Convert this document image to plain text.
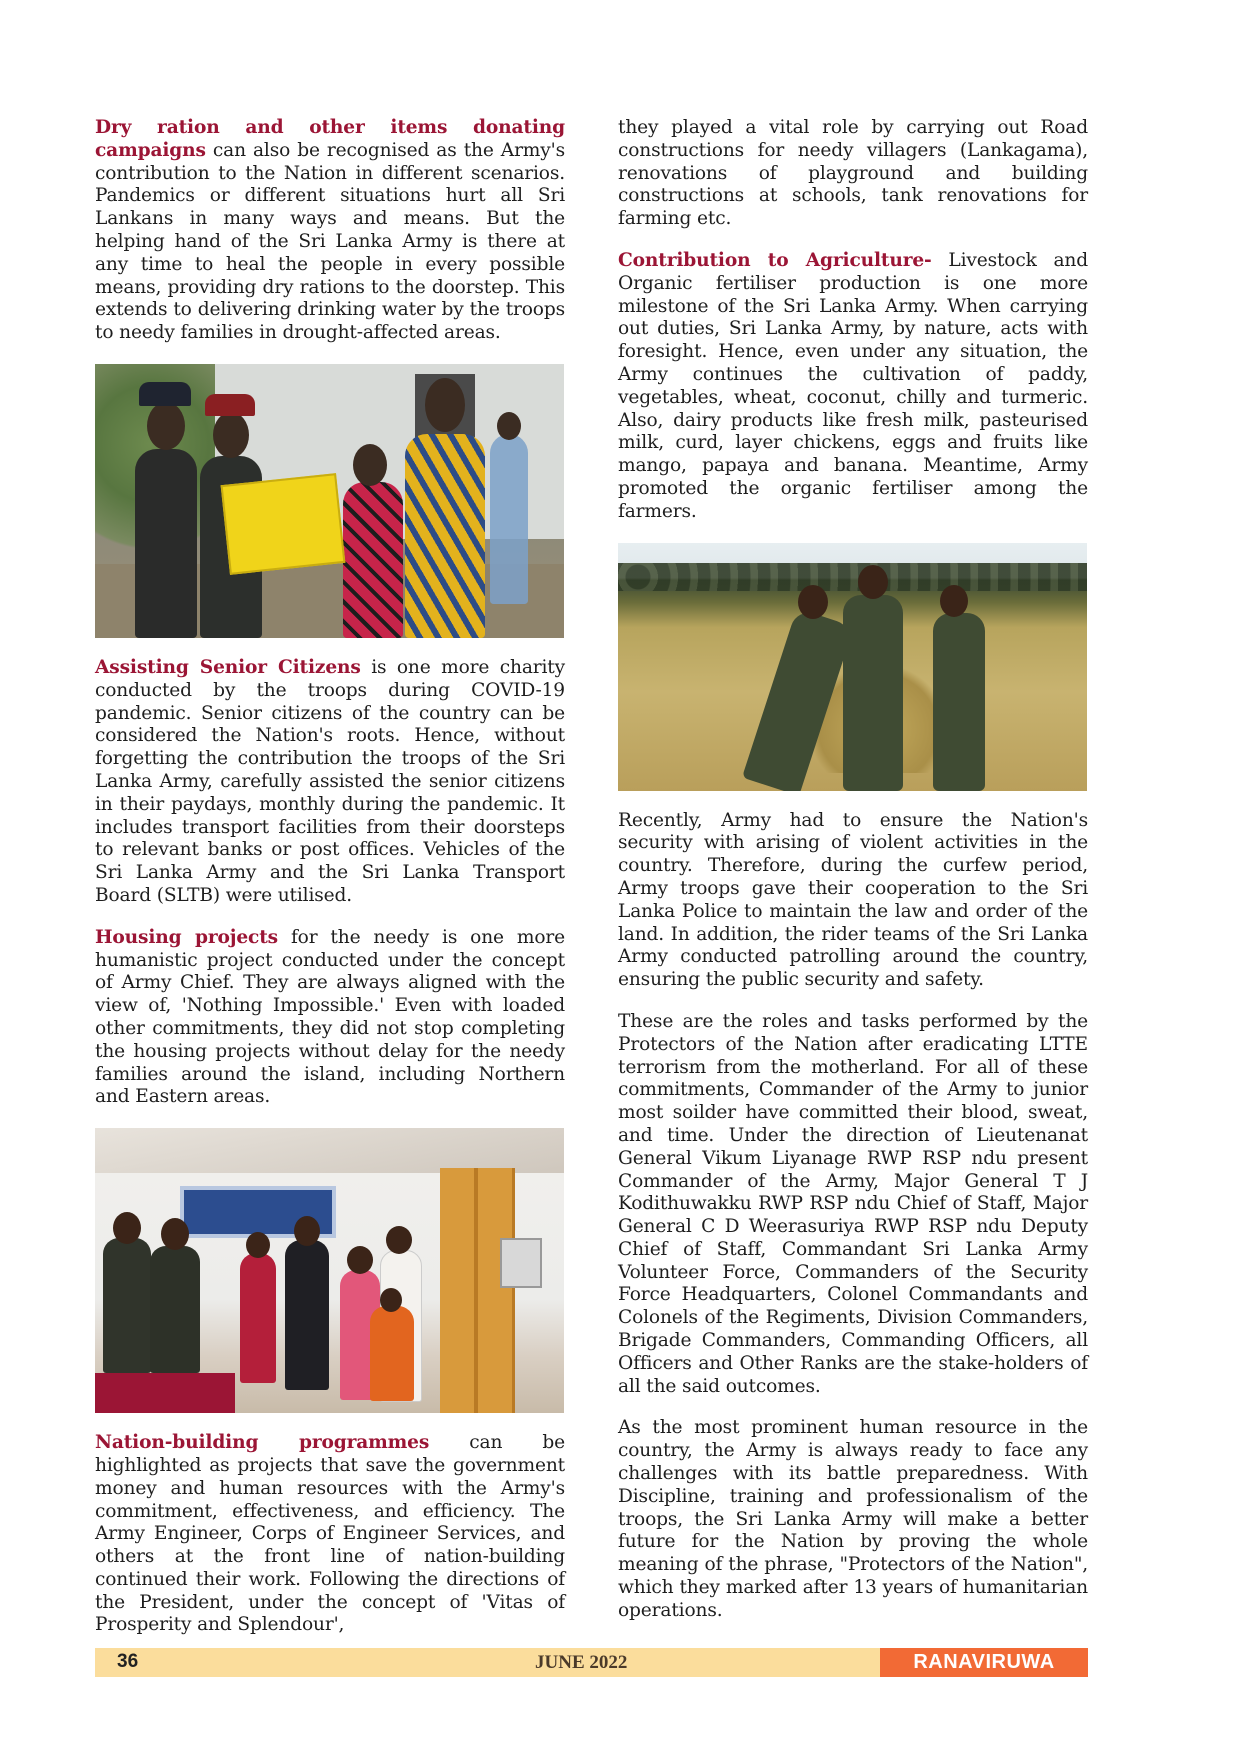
Dry ration and other items donating campaigns can also be recognised as the Army's contribution to the Nation in different scenarios. Pandemics or different situations hurt all Sri Lankans in many ways and means. But the helping hand of the Sri Lanka Army is there at any time to heal the people in every possible means, providing dry rations to the doorstep. This extends to delivering drinking water by the troops to needy families in drought-affected areas.

Assisting Senior Citizens is one more charity conducted by the troops during COVID-19 pandemic. Senior citizens of the country can be considered the Nation's roots. Hence, without forgetting the contribution the troops of the Sri Lanka Army, carefully assisted the senior citizens in their paydays, monthly during the pandemic. It includes transport facilities from their doorsteps to relevant banks or post offices. Vehicles of the Sri Lanka Army and the Sri Lanka Transport Board (SLTB) were utilised.

Housing projects for the needy is one more humanistic project conducted under the concept of Army Chief. They are always aligned with the view of, 'Nothing Impossible.' Even with loaded other commitments, they did not stop completing the housing projects without delay for the needy families around the island, including Northern and Eastern areas.

Nation-building programmes can be highlighted as projects that save the government money and human resources with the Army's commitment, effectiveness, and efficiency. The Army Engineer, Corps of Engineer Services, and others at the front line of nation-building continued their work. Following the directions of the President, under the concept of 'Vitas of Prosperity and Splendour',

they played a vital role by carrying out Road constructions for needy villagers (Lankagama), renovations of playground and building constructions at schools, tank renovations for farming etc.

Contribution to Agriculture- Livestock and Organic fertiliser production is one more milestone of the Sri Lanka Army. When carrying out duties, Sri Lanka Army, by nature, acts with foresight. Hence, even under any situation, the Army continues the cultivation of paddy, vegetables, wheat, coconut, chilly and turmeric. Also, dairy products like fresh milk, pasteurised milk, curd, layer chickens, eggs and fruits like mango, papaya and banana. Meantime, Army promoted the organic fertiliser among the farmers.

Recently, Army had to ensure the Nation's security with arising of violent activities in the country. Therefore, during the curfew period, Army troops gave their cooperation to the Sri Lanka Police to maintain the law and order of the land. In addition, the rider teams of the Sri Lanka Army conducted patrolling around the country, ensuring the public security and safety.

These are the roles and tasks performed by the Protectors of the Nation after eradicating LTTE terrorism from the motherland. For all of these commitments, Commander of the Army to junior most soilder have committed their blood, sweat, and time. Under the direction of Lieutenanat General Vikum Liyanage RWP RSP ndu present Commander of the Army, Major General T J Kodithuwakku RWP RSP ndu Chief of Staff, Major General C D Weerasuriya RWP RSP ndu Deputy Chief of Staff, Commandant Sri Lanka Army Volunteer Force, Commanders of the Security Force Headquarters, Colonel Commandants and Colonels of the Regiments, Division Commanders, Brigade Commanders, Commanding Officers, all Officers and Other Ranks are the stake-holders of all the said outcomes.

As the most prominent human resource in the country, the Army is always ready to face any challenges with its battle preparedness. With Discipline, training and professionalism of the troops, the Sri Lanka Army will make a better future for the Nation by proving the whole meaning of the phrase, "Protectors of the Nation", which they marked after 13 years of humanitarian operations.

36	JUNE 2022	RANAVIRUWA
